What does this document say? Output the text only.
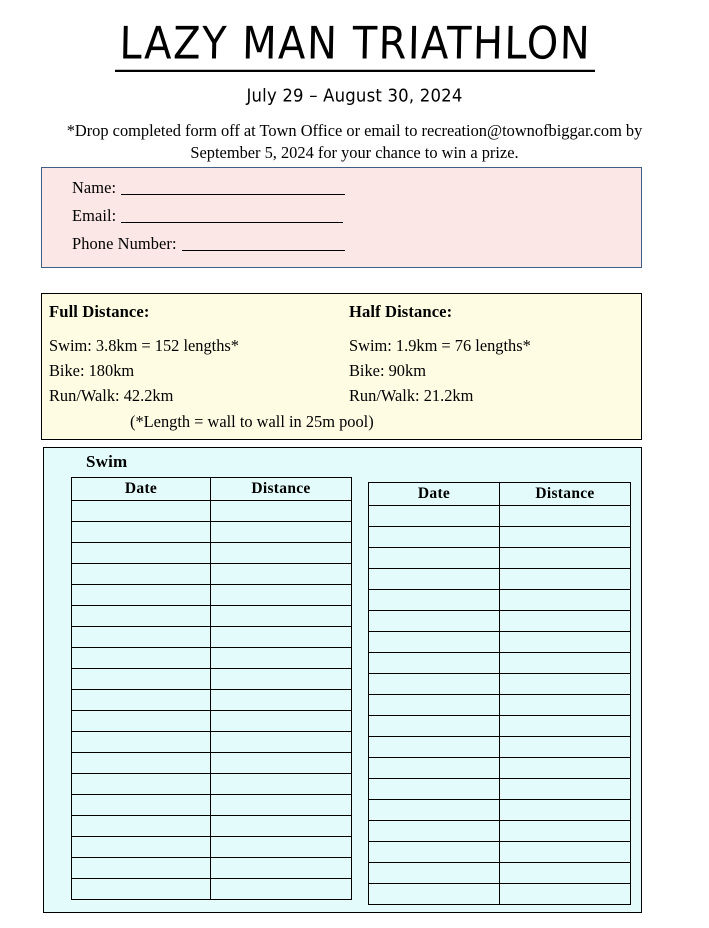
LAZY MAN TRIATHLON
July 29 – August 30, 2024
*Drop completed form off at Town Office or email to recreation@townofbiggar.com by September 5, 2024 for your chance to win a prize.
Name:
Email:
Phone Number:
Full Distance:
Swim: 3.8km = 152 lengths*
Bike: 180km
Run/Walk: 42.2km
Half Distance:
Swim: 1.9km = 76 lengths*
Bike: 90km
Run/Walk: 21.2km
(*Length = wall to wall in 25m pool)
Swim
Date	Distance

		Date	Distance
